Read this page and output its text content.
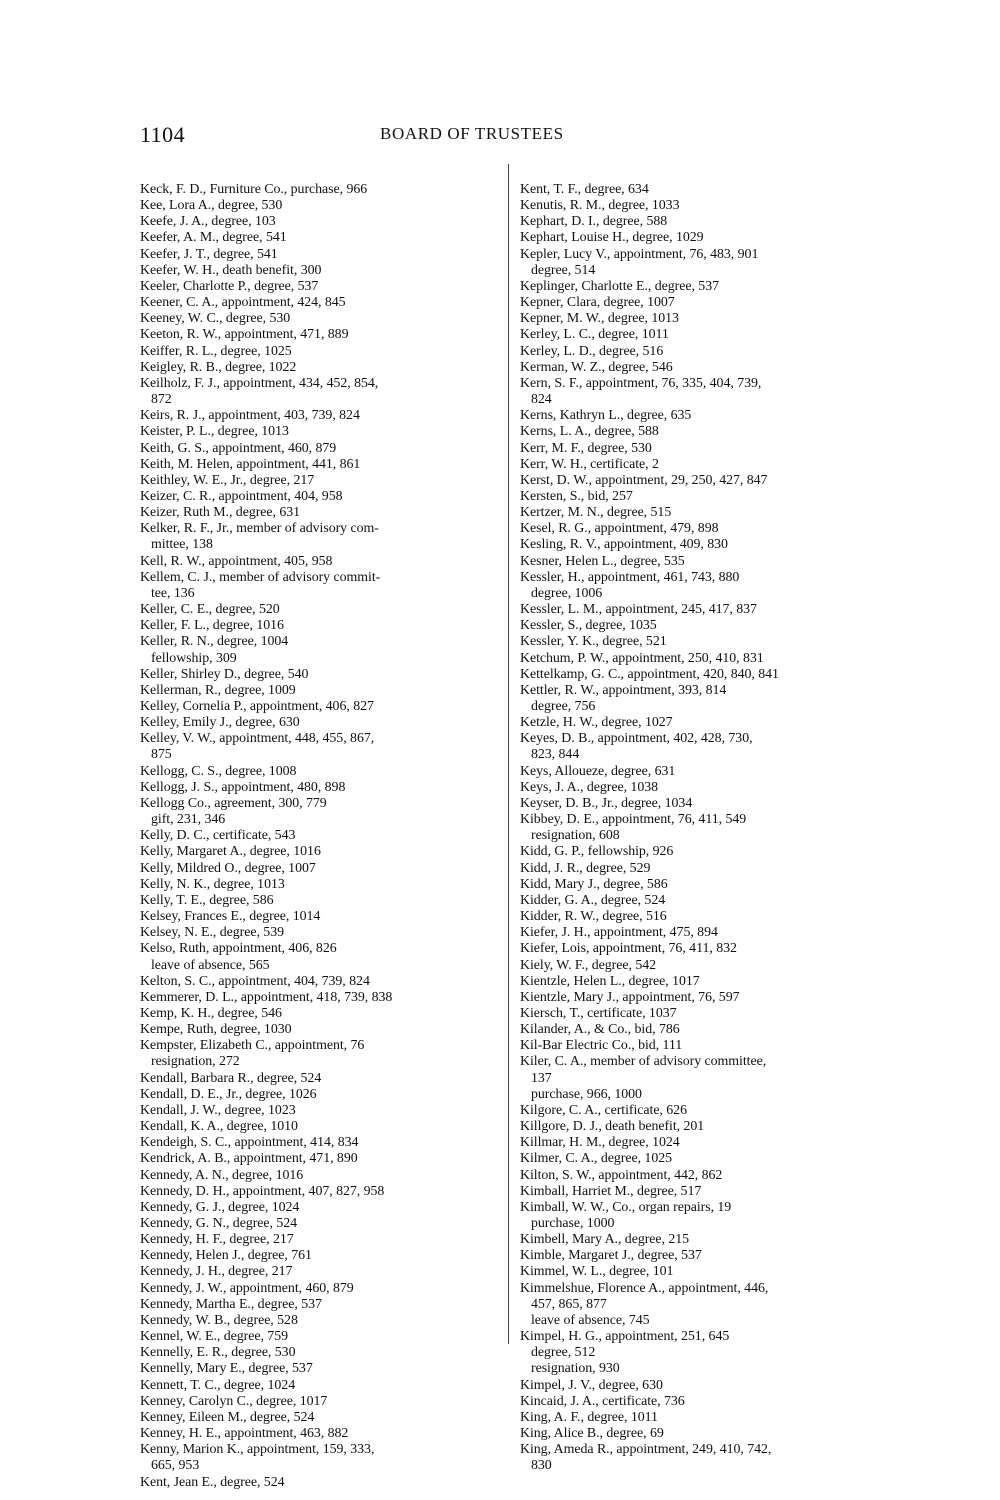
1104	BOARD OF TRUSTEES
Keck, F. D., Furniture Co., purchase, 966
Kee, Lora A., degree, 530
Keefe, J. A., degree, 103
Keefer, A. M., degree, 541
Keefer, J. T., degree, 541
Keefer, W. H., death benefit, 300
Keeler, Charlotte P., degree, 537
Keener, C. A., appointment, 424, 845
Keeney, W. C., degree, 530
Keeton, R. W., appointment, 471, 889
Keiffer, R. L., degree, 1025
Keigley, R. B., degree, 1022
Keilholz, F. J., appointment, 434, 452, 854,
872
Keirs, R. J., appointment, 403, 739, 824
Keister, P. L., degree, 1013
Keith, G. S., appointment, 460, 879
Keith, M. Helen, appointment, 441, 861
Keithley, W. E., Jr., degree, 217
Keizer, C. R., appointment, 404, 958
Keizer, Ruth M., degree, 631
Kelker, R. F., Jr., member of advisory com-
mittee, 138
Kell, R. W., appointment, 405, 958
Kellem, C. J., member of advisory commit-
tee, 136
Keller, C. E., degree, 520
Keller, F. L., degree, 1016
Keller, R. N., degree, 1004
fellowship, 309
Keller, Shirley D., degree, 540
Kellerman, R., degree, 1009
Kelley, Cornelia P., appointment, 406, 827
Kelley, Emily J., degree, 630
Kelley, V. W., appointment, 448, 455, 867,
875
Kellogg, C. S., degree, 1008
Kellogg, J. S., appointment, 480, 898
Kellogg Co., agreement, 300, 779
gift, 231, 346
Kelly, D. C., certificate, 543
Kelly, Margaret A., degree, 1016
Kelly, Mildred O., degree, 1007
Kelly, N. K., degree, 1013
Kelly, T. E., degree, 586
Kelsey, Frances E., degree, 1014
Kelsey, N. E., degree, 539
Kelso, Ruth, appointment, 406, 826
leave of absence, 565
Kelton, S. C., appointment, 404, 739, 824
Kemmerer, D. L., appointment, 418, 739, 838
Kemp, K. H., degree, 546
Kempe, Ruth, degree, 1030
Kempster, Elizabeth C., appointment, 76
resignation, 272
Kendall, Barbara R., degree, 524
Kendall, D. E., Jr., degree, 1026
Kendall, J. W., degree, 1023
Kendall, K. A., degree, 1010
Kendeigh, S. C., appointment, 414, 834
Kendrick, A. B., appointment, 471, 890
Kennedy, A. N., degree, 1016
Kennedy, D. H., appointment, 407, 827, 958
Kennedy, G. J., degree, 1024
Kennedy, G. N., degree, 524
Kennedy, H. F., degree, 217
Kennedy, Helen J., degree, 761
Kennedy, J. H., degree, 217
Kennedy, J. W., appointment, 460, 879
Kennedy, Martha E., degree, 537
Kennedy, W. B., degree, 528
Kennel, W. E., degree, 759
Kennelly, E. R., degree, 530
Kennelly, Mary E., degree, 537
Kennett, T. C., degree, 1024
Kenney, Carolyn C., degree, 1017
Kenney, Eileen M., degree, 524
Kenney, H. E., appointment, 463, 882
Kenny, Marion K., appointment, 159, 333,
665, 953
Kent, Jean E., degree, 524
Kent, T. F., degree, 634
Kenutis, R. M., degree, 1033
Kephart, D. I., degree, 588
Kephart, Louise H., degree, 1029
Kepler, Lucy V., appointment, 76, 483, 901
degree, 514
Keplinger, Charlotte E., degree, 537
Kepner, Clara, degree, 1007
Kepner, M. W., degree, 1013
Kerley, L. C., degree, 1011
Kerley, L. D., degree, 516
Kerman, W. Z., degree, 546
Kern, S. F., appointment, 76, 335, 404, 739,
824
Kerns, Kathryn L., degree, 635
Kerns, L. A., degree, 588
Kerr, M. F., degree, 530
Kerr, W. H., certificate, 2
Kerst, D. W., appointment, 29, 250, 427, 847
Kersten, S., bid, 257
Kertzer, M. N., degree, 515
Kesel, R. G., appointment, 479, 898
Kesling, R. V., appointment, 409, 830
Kesner, Helen L., degree, 535
Kessler, H., appointment, 461, 743, 880
degree, 1006
Kessler, L. M., appointment, 245, 417, 837
Kessler, S., degree, 1035
Kessler, Y. K., degree, 521
Ketchum, P. W., appointment, 250, 410, 831
Kettelkamp, G. C., appointment, 420, 840, 841
Kettler, R. W., appointment, 393, 814
degree, 756
Ketzle, H. W., degree, 1027
Keyes, D. B., appointment, 402, 428, 730,
823, 844
Keys, Alloueze, degree, 631
Keys, J. A., degree, 1038
Keyser, D. B., Jr., degree, 1034
Kibbey, D. E., appointment, 76, 411, 549
resignation, 608
Kidd, G. P., fellowship, 926
Kidd, J. R., degree, 529
Kidd, Mary J., degree, 586
Kidder, G. A., degree, 524
Kidder, R. W., degree, 516
Kiefer, J. H., appointment, 475, 894
Kiefer, Lois, appointment, 76, 411, 832
Kiely, W. F., degree, 542
Kientzle, Helen L., degree, 1017
Kientzle, Mary J., appointment, 76, 597
Kiersch, T., certificate, 1037
Kilander, A., & Co., bid, 786
Kil-Bar Electric Co., bid, 111
Kiler, C. A., member of advisory committee,
137
purchase, 966, 1000
Kilgore, C. A., certificate, 626
Killgore, D. J., death benefit, 201
Killmar, H. M., degree, 1024
Kilmer, C. A., degree, 1025
Kilton, S. W., appointment, 442, 862
Kimball, Harriet M., degree, 517
Kimball, W. W., Co., organ repairs, 19
purchase, 1000
Kimbell, Mary A., degree, 215
Kimble, Margaret J., degree, 537
Kimmel, W. L., degree, 101
Kimmelshue, Florence A., appointment, 446,
457, 865, 877
leave of absence, 745
Kimpel, H. G., appointment, 251, 645
degree, 512
resignation, 930
Kimpel, J. V., degree, 630
Kincaid, J. A., certificate, 736
King, A. F., degree, 1011
King, Alice B., degree, 69
King, Ameda R., appointment, 249, 410, 742,
830
